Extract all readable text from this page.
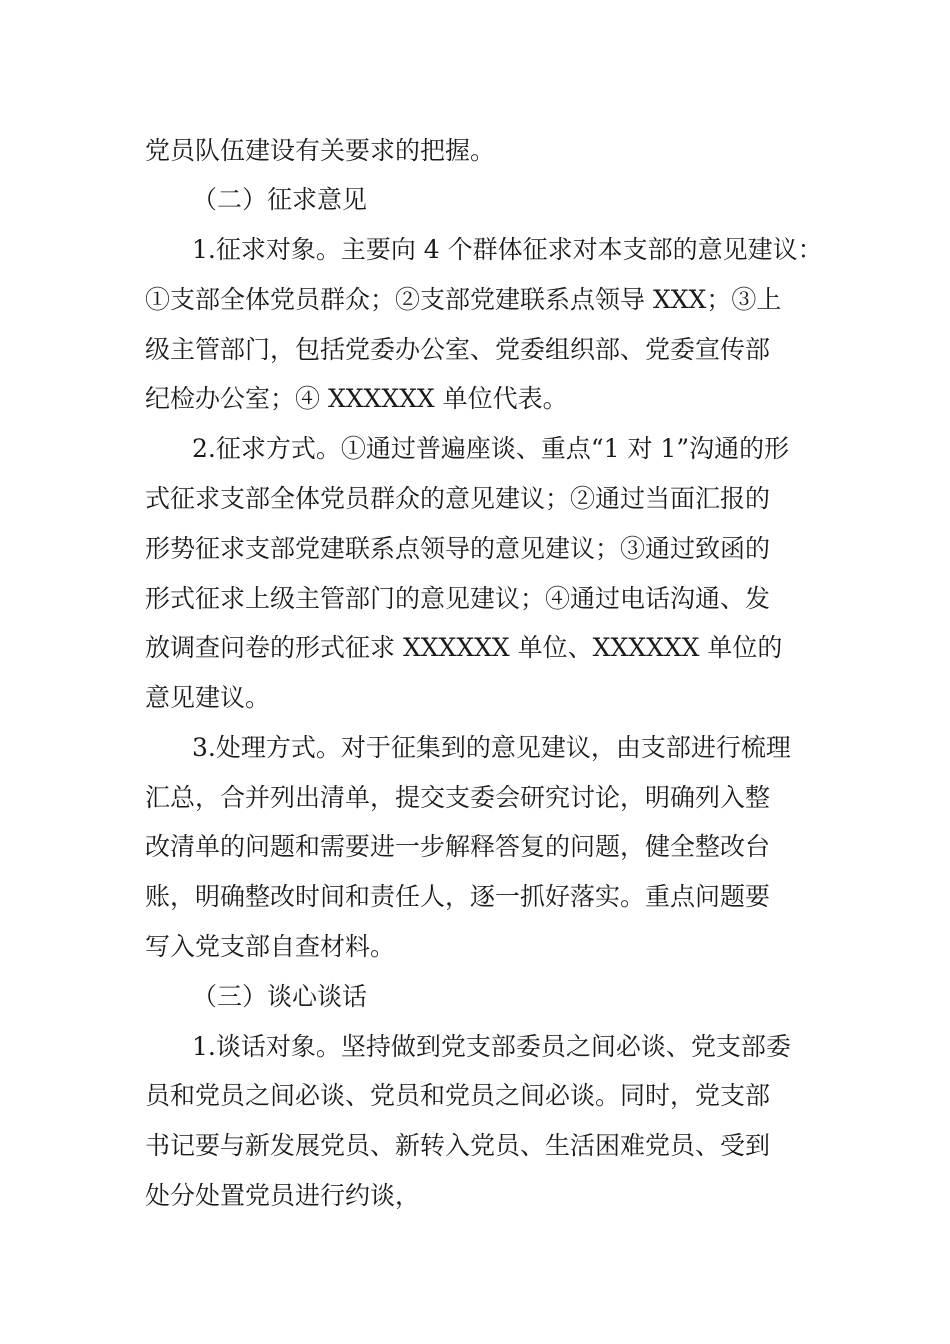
党员队伍建设有关要求的把握。
（二）征求意见
1.征求对象。主要向 4 个群体征求对本支部的意见建议：
①支部全体党员群众；②支部党建联系点领导 XXX；③上
级主管部门，包括党委办公室、党委组织部、党委宣传部
纪检办公室；④ XXXXXX 单位代表。
2.征求方式。①通过普遍座谈、重点“1 对 1”沟通的形
式征求支部全体党员群众的意见建议；②通过当面汇报的
形势征求支部党建联系点领导的意见建议；③通过致函的
形式征求上级主管部门的意见建议；④通过电话沟通、发
放调查问卷的形式征求 XXXXXX 单位、XXXXXX 单位的
意见建议。
3.处理方式。对于征集到的意见建议，由支部进行梳理
汇总，合并列出清单，提交支委会研究讨论，明确列入整
改清单的问题和需要进一步解释答复的问题，健全整改台
账，明确整改时间和责任人，逐一抓好落实。重点问题要
写入党支部自查材料。
（三）谈心谈话
1.谈话对象。坚持做到党支部委员之间必谈、党支部委
员和党员之间必谈、党员和党员之间必谈。同时，党支部
书记要与新发展党员、新转入党员、生活困难党员、受到
处分处置党员进行约谈，
